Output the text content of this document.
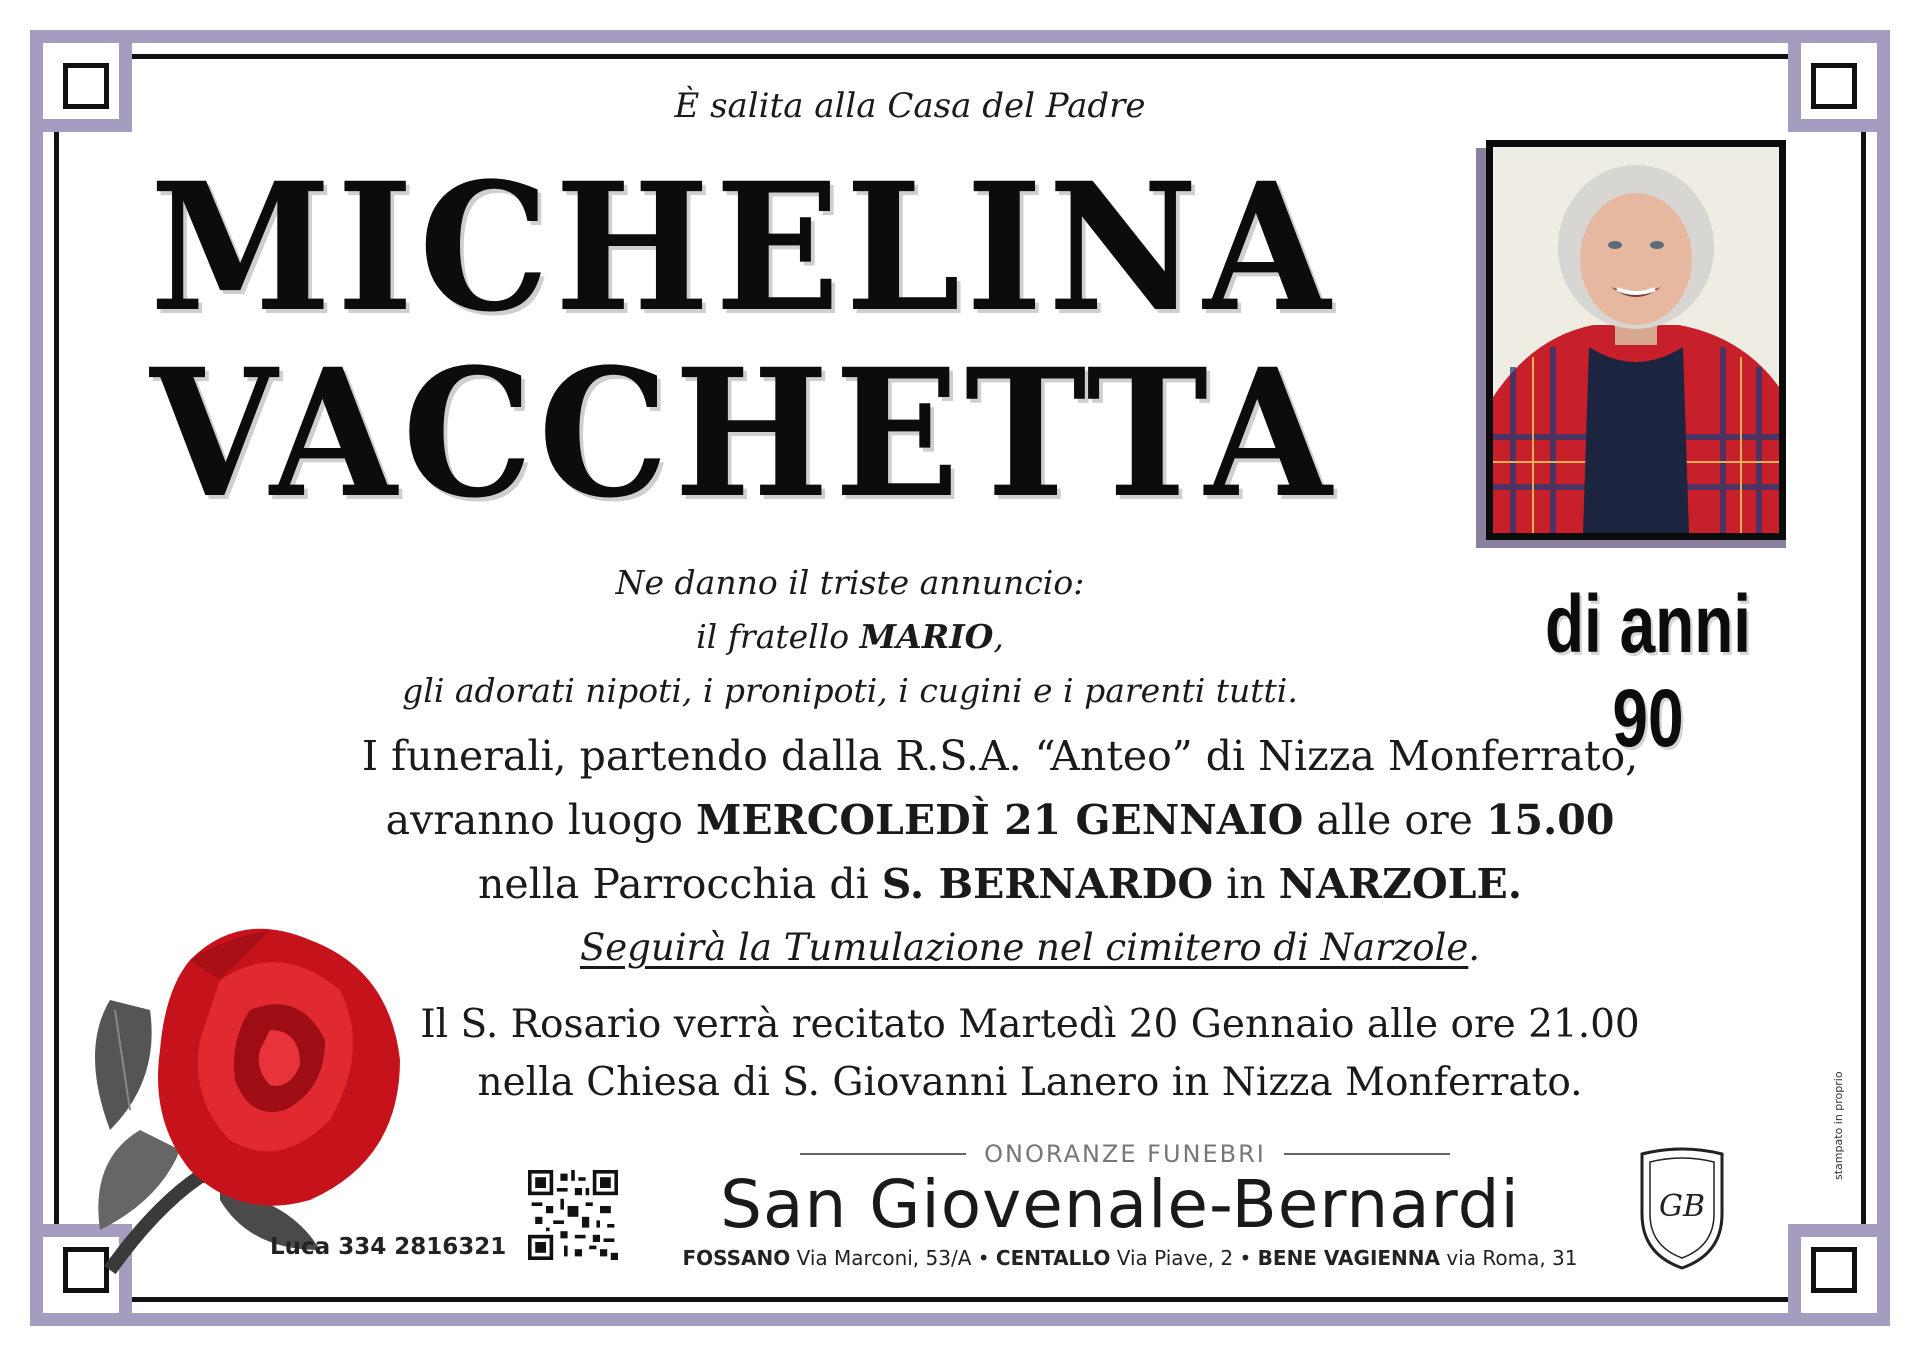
È salita alla Casa del Padre
MICHELINA
VACCHETTA
di anni 90
Ne danno il triste annuncio:
il fratello MARIO,
gli adorati nipoti, i pronipoti, i cugini e i parenti tutti.
I funerali, partendo dalla R.S.A. “Anteo” di Nizza Monferrato,
avranno luogo MERCOLEDÌ 21 GENNAIO alle ore 15.00
nella Parrocchia di S. BERNARDO in NARZOLE.
Seguirà la Tumulazione nel cimitero di Narzole.
Il S. Rosario verrà recitato Martedì 20 Gennaio alle ore 21.00
nella Chiesa di S. Giovanni Lanero in Nizza Monferrato.
Luca 334 2816321
ONORANZE FUNEBRI
San Giovenale-Bernardi
FOSSANO Via Marconi, 53/A • CENTALLO Via Piave, 2 • BENE VAGIENNA via Roma, 31
GB
stampato in proprio
